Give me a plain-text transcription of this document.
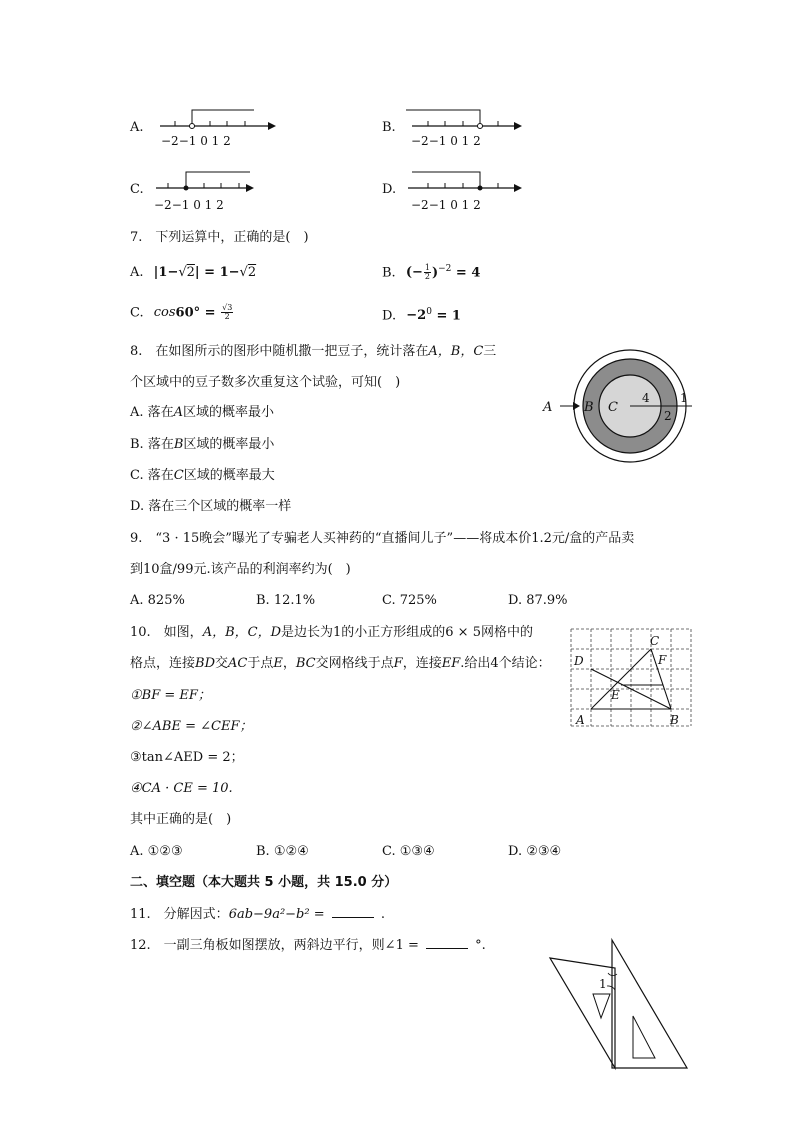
A.
−2−1 0 1 2
B.
−2−1 0 1 2
C.
−2−1 0 1 2
D.
−2−1 0 1 2
7.　下列运算中，正确的是(　)
A. |1−√2| = 1−√2	B. (− $\frac{1}{2} )^{-2} = 4$
C. $\cos 60^\circ = \frac{√3}{2}$	D. $-2^0 = 1$
8.　在如图所示的图形中随机撒一把豆子，统计落在A，B，C三
个区域中的豆子数多次重复这个试验，可知(　)
A. 落在A区域的概率最小
B. 落在B区域的概率最小
C. 落在C区域的概率最大
D. 落在三个区域的概率一样
A B C
4	1
2
9.　“3 · 15晚会”曝光了专骗老人买神药的“直播间儿子”——将成本价1.2元/盒的产品卖
到10盒/99元.该产品的利润率约为(　)
A. 825%	B. 12.1%	C. 725%	D. 87.9%
10.　如图，A，B，C，D是边长为1的小正方形组成的6 × 5网格中的
格点，连接BD交AC于点E，BC交网格线于点F，连接EF.给出4个结论：
①BF = EF；
②∠ABE = ∠CEF；
③tan∠AED = 2；
④CA · CE = 10.
其中正确的是(　)
A. ①②③	B. ①②④	C. ①③④	D. ②③④
A	B
C
D
E
F
二、填空题（本大题共 5 小题，共 15.0 分）
11.　分解因式：6ab−9a²−b² =	.
12.　一副三角板如图摆放，两斜边平行，则∠1 =	°.
1
